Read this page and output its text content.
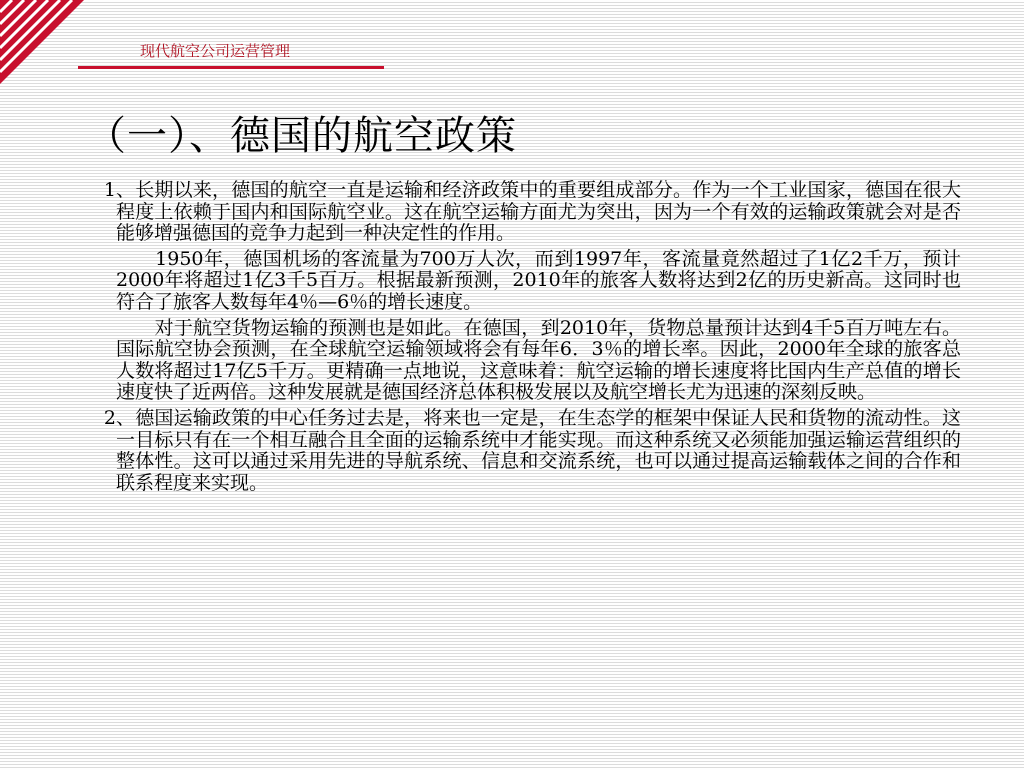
现代航空公司运营管理
（一）、德国的航空政策
1 、长期以来，德国的航空一直是运输和经济政策中的重要组成部分。作为一个工业国家，德国在很大程度上依赖于国内和国际航空业。这在航空运输方面尤为突出，因为一个有效的运输政策就会对是否能够增强德国的竞争力起到一种决定性的作用。

　　1950年，德国机场的客流量为700万人次，而到1997年，客流量竟然超过了1亿2千万，预计2000年将超过1亿3千5百万。根据最新预测，2010年的旅客人数将达到2亿的历史新高。这同时也符合了旅客人数每年4％—6％的增长速度。

　　对于航空货物运输的预测也是如此。在德国，到2010年，货物总量预计达到4千5百万吨左右。国际航空协会预测，在全球航空运输领域将会有每年6．3％的增长率。因此，2000年全球的旅客总人数将超过17亿5千万。更精确一点地说，这意味着：航空运输的增长速度将比国内生产总值的增长速度快了近两倍。这种发展就是德国经济总体积极发展以及航空增长尤为迅速的深刻反映。

2 、德国运输政策的中心任务过去是，将来也一定是，在生态学的框架中保证人民和货物的流动性。这一目标只有在一个相互融合且全面的运输系统中才能实现。而这种系统又必须能加强运输运营组织的整体性。这可以通过采用先进的导航系统、信息和交流系统，也可以通过提高运输载体之间的合作和联系程度来实现。
